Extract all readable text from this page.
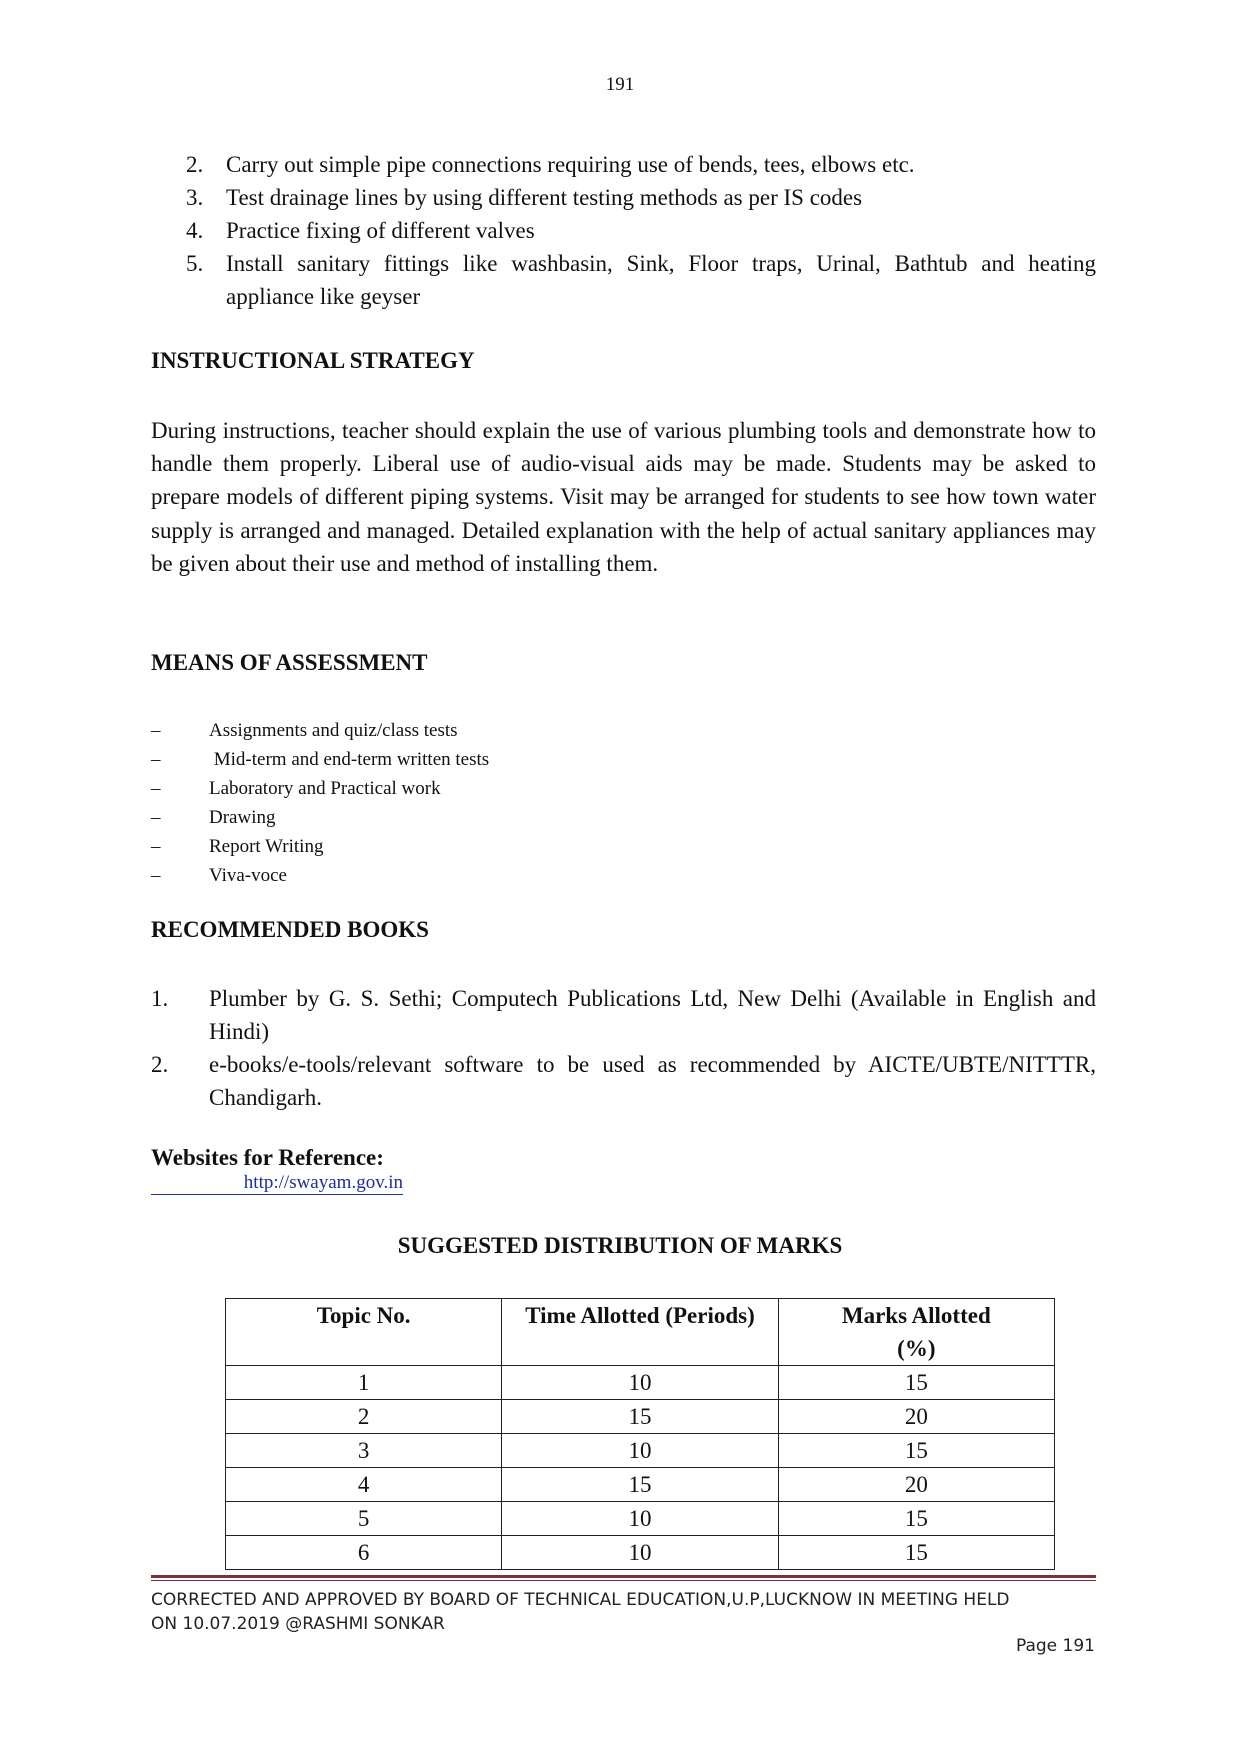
191
2. Carry out simple pipe connections requiring use of bends, tees, elbows etc.
3. Test drainage lines by using different testing methods as per IS codes
4. Practice fixing of different valves
5. Install sanitary fittings like washbasin, Sink, Floor traps, Urinal, Bathtub and heating appliance like geyser
INSTRUCTIONAL STRATEGY
During instructions, teacher should explain the use of various plumbing tools and demonstrate how to handle them properly. Liberal use of audio-visual aids may be made. Students may be asked to prepare models of different piping systems. Visit may be arranged for students to see how town water supply is arranged and managed. Detailed explanation with the help of actual sanitary appliances may be given about their use and method of installing them.
MEANS OF ASSESSMENT
–	Assignments and quiz/class tests
–	Mid-term and end-term written tests
–	Laboratory and Practical work
–	Drawing
–	Report Writing
–	Viva-voce
RECOMMENDED BOOKS
1.	Plumber by G. S. Sethi; Computech Publications Ltd, New Delhi (Available in English and Hindi)
2.	e-books/e-tools/relevant software to be used as recommended by AICTE/UBTE/NITTTR, Chandigarh.
Websites for Reference:
http://swayam.gov.in
SUGGESTED DISTRIBUTION OF MARKS
Topic No.	Time Allotted (Periods)	Marks Allotted (%)
1	10	15
2	15	20
3	10	15
4	15	20
5	10	15
6	10	15
CORRECTED AND APPROVED BY BOARD OF TECHNICAL EDUCATION,U.P,LUCKNOW IN MEETING HELD
ON 10.07.2019 @RASHMI SONKAR
Page 191
